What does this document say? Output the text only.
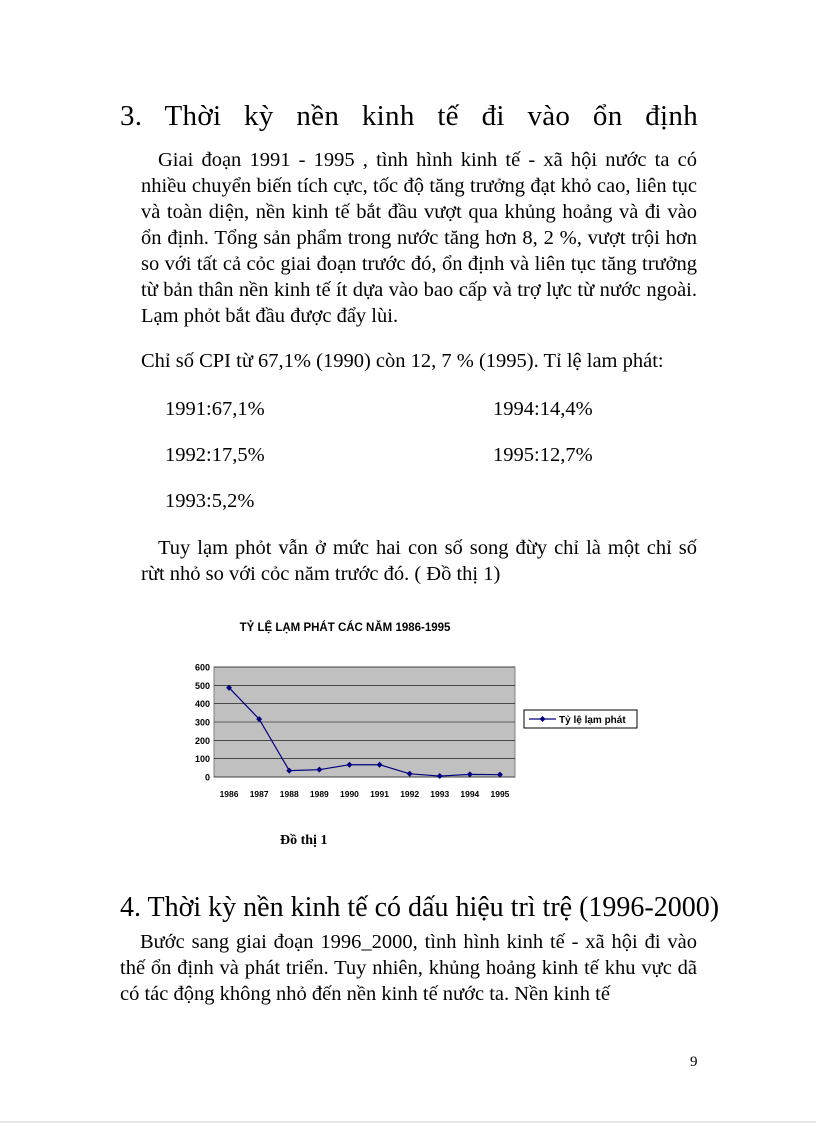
3. Thời kỳ nền kinh tế đi vào ổn định

Giai đoạn 1991 - 1995 , tình hình kinh tế - xã hội nước ta có nhiều chuyển biến tích cực, tốc độ tăng trưởng đạt khỏ cao, liên tục và toàn diện, nền kinh tế bắt đầu vượt qua khủng hoảng và đi vào ổn định. Tổng sản phẩm trong nước tăng hơn 8, 2 %, vượt trội hơn so với tất cả cỏc giai đoạn trước đó, ổn định và liên tục tăng trưởng từ bản thân nền kinh tế ít dựa vào bao cấp và trợ lực từ nước ngoài. Lạm phỏt bắt đầu được đẩy lùi.

Chỉ số CPI từ 67,1% (1990) còn 12, 7 % (1995). Tỉ lệ lam phát:

1991:67,1%	1994:14,4%

1992:17,5%	1995:12,7%

1993:5,2%

Tuy lạm phỏt vẫn ở mức hai con số song đừy chỉ là một chỉ số rừt nhỏ so với cỏc năm trước đó. ( Đồ thị 1)

TỶ LỆ LẠM PHÁT CÁC NĂM 1986-1995
0
100
200
300
400
500
600
1986 1987 1988 1989 1990 1991 1992 1993 1994 1995
Tỷ lệ lạm phát

Đồ thị 1

4. Thời kỳ nền kinh tế có dấu hiệu trì trệ (1996-2000)

Bước sang giai đoạn 1996_2000, tình hình kinh tế - xã hội đi vào thế ổn định và phát triển. Tuy nhiên, khủng hoảng kinh tế khu vực dã có tác động không nhỏ đến nền kinh tế nước ta. Nền kinh tế

9
